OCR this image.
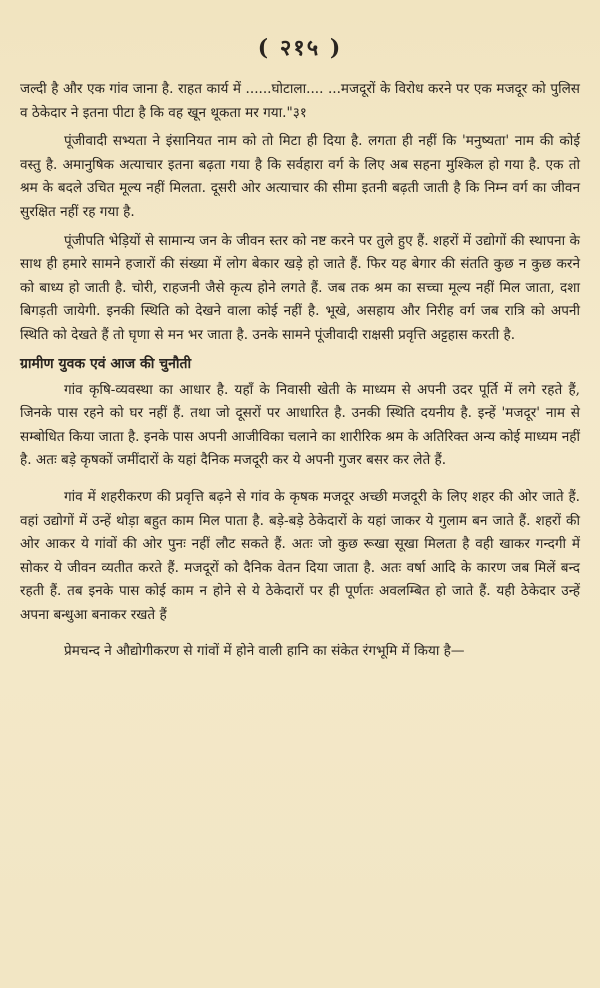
( २१५ )

जल्दी है और एक गांव जाना है. राहत कार्य में ......घोटाला.... ...मजदूरों के विरोध करने पर एक मजदूर को पुलिस व ठेकेदार ने इतना पीटा है कि वह खून थूकता मर गया."३१

पूंजीवादी सभ्यता ने इंसानियत नाम को तो मिटा ही दिया है. लगता ही नहीं कि 'मनुष्यता' नाम की कोई वस्तु है. अमानुषिक अत्याचार इतना बढ़ता गया है कि सर्वहारा वर्ग के लिए अब सहना मुश्किल हो गया है. एक तो श्रम के बदले उचित मूल्य नहीं मिलता. दूसरी ओर अत्याचार की सीमा इतनी बढ़ती जाती है कि निम्न वर्ग का जीवन सुरक्षित नहीं रह गया है.

पूंजीपति भेड़ियों से सामान्य जन के जीवन स्तर को नष्ट करने पर तुले हुए हैं. शहरों में उद्योगों की स्थापना के साथ ही हमारे सामने हजारों की संख्या में लोग बेकार खड़े हो जाते हैं. फिर यह बेगार की संतति कुछ न कुछ करने को बाध्य हो जाती है. चोरी, राहजनी जैसे कृत्य होने लगते हैं. जब तक श्रम का सच्चा मूल्य नहीं मिल जाता, दशा बिगड़ती जायेगी. इनकी स्थिति को देखने वाला कोई नहीं है. भूखे, असहाय और निरीह वर्ग जब रात्रि को अपनी स्थिति को देखते हैं तो घृणा से मन भर जाता है. उनके सामने पूंजीवादी राक्षसी प्रवृत्ति अट्टहास करती है.

ग्रामीण युवक एवं आज की चुनौती

गांव कृषि-व्यवस्था का आधार है. यहाँ के निवासी खेती के माध्यम से अपनी उदर पूर्ति में लगे रहते हैं, जिनके पास रहने को घर नहीं हैं. तथा जो दूसरों पर आधारित है. उनकी स्थिति दयनीय है. इन्हें 'मजदूर' नाम से सम्बोधित किया जाता है. इनके पास अपनी आजीविका चलाने का शारीरिक श्रम के अतिरिक्त अन्य कोई माध्यम नहीं है. अतः बड़े कृषकों जमींदारों के यहां दैनिक मजदूरी कर ये अपनी गुजर बसर कर लेते हैं.

गांव में शहरीकरण की प्रवृत्ति बढ़ने से गांव के कृषक मजदूर अच्छी मजदूरी के लिए शहर की ओर जाते हैं. वहां उद्योगों में उन्हें थोड़ा बहुत काम मिल पाता है. बड़े-बड़े ठेकेदारों के यहां जाकर ये गुलाम बन जाते हैं. शहरों की ओर आकर ये गांवों की ओर पुनः नहीं लौट सकते हैं. अतः जो कुछ रूखा सूखा मिलता है वही खाकर गन्दगी में सोकर ये जीवन व्यतीत करते हैं. मजदूरों को दैनिक वेतन दिया जाता है. अतः वर्षा आदि के कारण जब मिलें बन्द रहती हैं. तब इनके पास कोई काम न होने से ये ठेकेदारों पर ही पूर्णतः अवलम्बित हो जाते हैं. यही ठेकेदार उन्हें अपना बन्धुआ बनाकर रखते हैं

प्रेमचन्द ने औद्योगीकरण से गांवों में होने वाली हानि का संकेत रंगभूमि में किया है—
